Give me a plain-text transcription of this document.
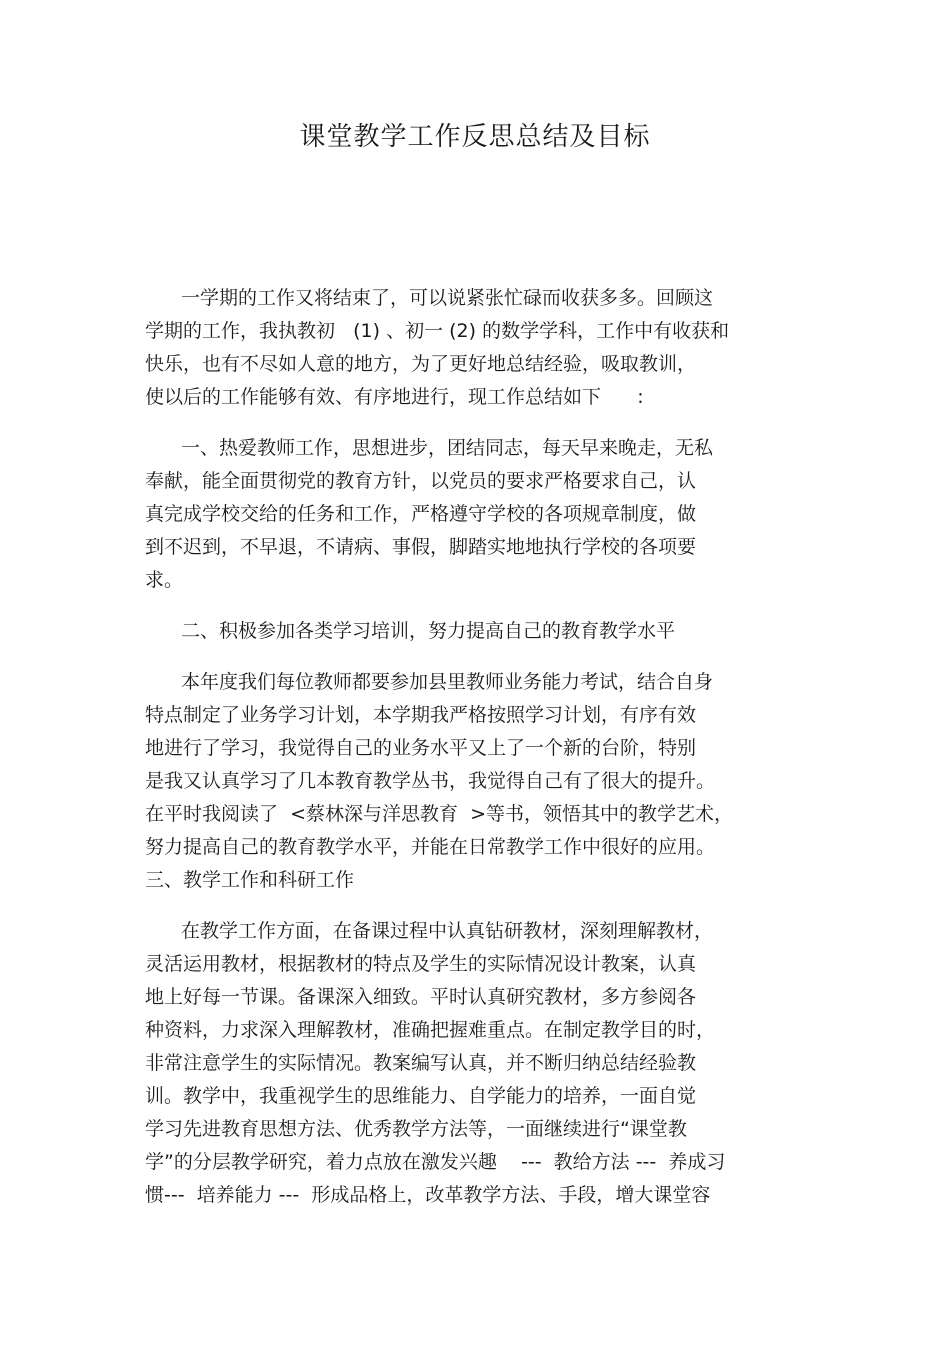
课堂教学工作反思总结及目标
一学期的工作又将结束了，可以说紧张忙碌而收获多多。回顾这
学期的工作，我执教初   (1) 、初一 (2) 的数学学科，工作中有收获和
快乐，也有不尽如人意的地方，为了更好地总结经验，吸取教训，
使以后的工作能够有效、有序地进行，现工作总结如下      :
一、热爱教师工作，思想进步，团结同志，每天早来晚走，无私
奉献，能全面贯彻党的教育方针，以党员的要求严格要求自己，认
真完成学校交给的任务和工作，严格遵守学校的各项规章制度，做
到不迟到，不早退，不请病、事假，脚踏实地地执行学校的各项要
求。
二、积极参加各类学习培训，努力提高自己的教育教学水平
本年度我们每位教师都要参加县里教师业务能力考试，结合自身
特点制定了业务学习计划，本学期我严格按照学习计划，有序有效
地进行了学习，我觉得自己的业务水平又上了一个新的台阶，特别
是我又认真学习了几本教育教学丛书，我觉得自己有了很大的提升。
在平时我阅读了  <蔡林深与洋思教育  >等书，领悟其中的教学艺术，
努力提高自己的教育教学水平，并能在日常教学工作中很好的应用。
三、教学工作和科研工作
在教学工作方面，在备课过程中认真钻研教材，深刻理解教材，
灵活运用教材，根据教材的特点及学生的实际情况设计教案，认真
地上好每一节课。备课深入细致。平时认真研究教材，多方参阅各
种资料，力求深入理解教材，准确把握难重点。在制定教学目的时，
非常注意学生的实际情况。教案编写认真，并不断归纳总结经验教
训。教学中，我重视学生的思维能力、自学能力的培养，一面自觉
学习先进教育思想方法、优秀教学方法等，一面继续进行“课堂教
学”的分层教学研究，着力点放在激发兴趣    ---  教给方法 ---  养成习
惯---  培养能力 ---  形成品格上，改革教学方法、手段，增大课堂容
